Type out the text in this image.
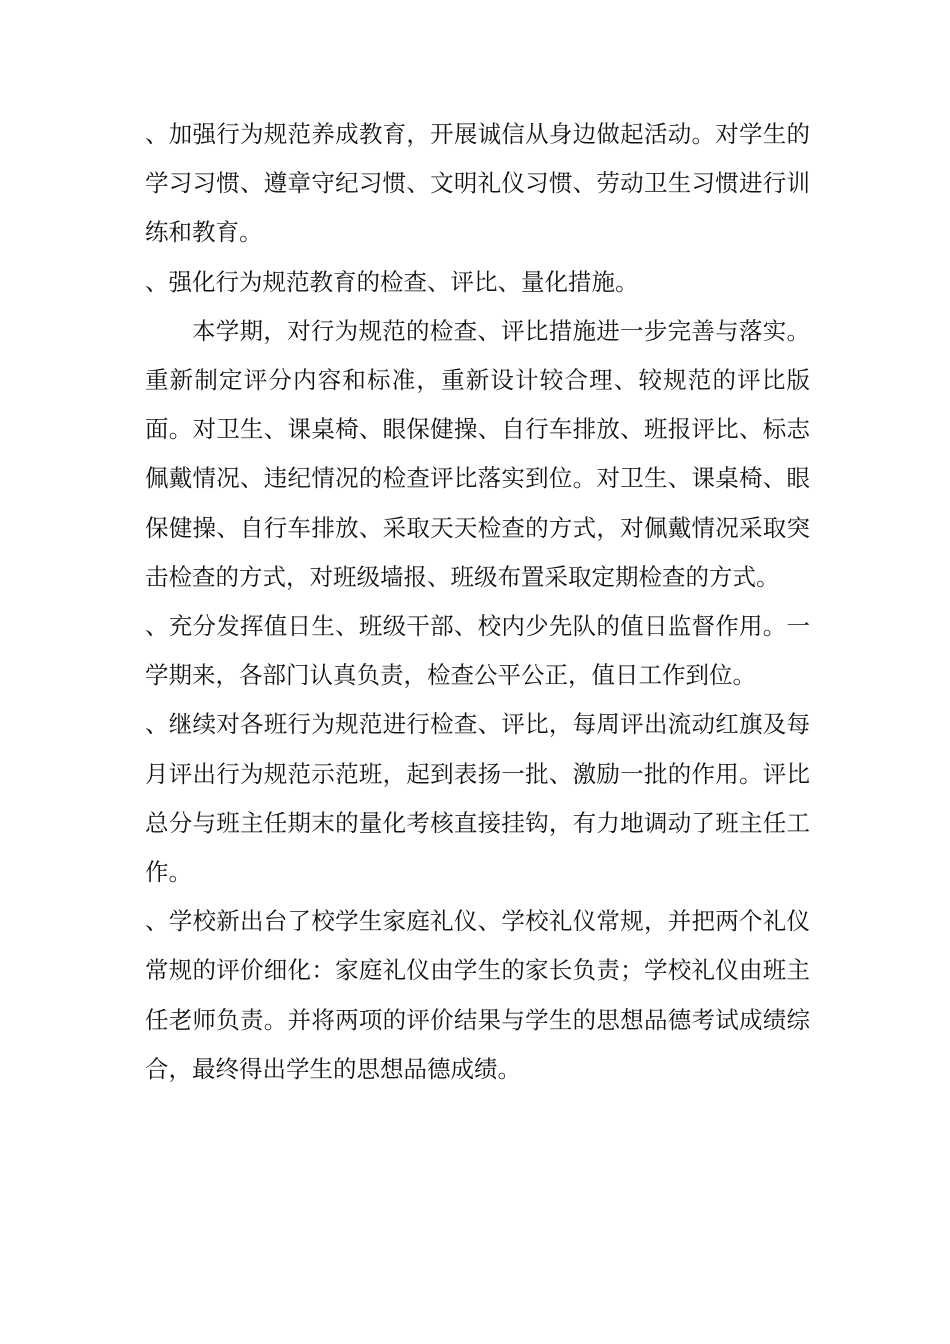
、加强行为规范养成教育，开展诚信从身边做起活动。对学生的学习习惯、遵章守纪习惯、文明礼仪习惯、劳动卫生习惯进行训练和教育。

、强化行为规范教育的检查、评比、量化措施。

本学期，对行为规范的检查、评比措施进一步完善与落实。重新制定评分内容和标准，重新设计较合理、较规范的评比版面。对卫生、课桌椅、眼保健操、自行车排放、班报评比、标志佩戴情况、违纪情况的检查评比落实到位。对卫生、课桌椅、眼保健操、自行车排放、采取天天检查的方式，对佩戴情况采取突击检查的方式，对班级墙报、班级布置采取定期检查的方式。

、充分发挥值日生、班级干部、校内少先队的值日监督作用。一学期来，各部门认真负责，检查公平公正，值日工作到位。

、继续对各班行为规范进行检查、评比，每周评出流动红旗及每月评出行为规范示范班，起到表扬一批、激励一批的作用。评比总分与班主任期末的量化考核直接挂钩，有力地调动了班主任工作。

、学校新出台了校学生家庭礼仪、学校礼仪常规，并把两个礼仪常规的评价细化：家庭礼仪由学生的家长负责；学校礼仪由班主任老师负责。并将两项的评价结果与学生的思想品德考试成绩综合，最终得出学生的思想品德成绩。
